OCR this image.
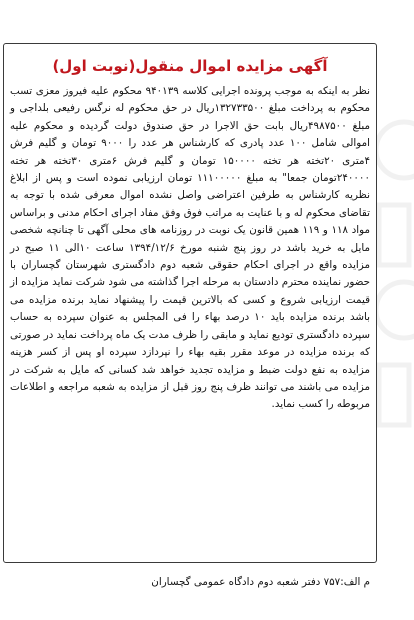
آگهی مزایده اموال منقول(نوبت اول)

نظر به اینکه به موجب پرونده اجرایی کلاسه ۹۴۰۱۳۹ محکوم علیه فیروز معزی تسب محکوم به پرداخت مبلغ ۱۳۲۷۳۳۵۰۰ریال در حق محکوم له نرگس رفیعی بلداجی و مبلغ ۴۹۸۷۵۰۰ریال بابت حق الاجرا در حق صندوق دولت گردیده و محکوم علیه اموالی شامل ۱۰۰ عدد پادری که کارشناس هر عدد را ۹۰۰۰ تومان و گلیم فرش ۴متری ۲۰تخته هر تخته ۱۵۰۰۰۰ تومان و گلیم فرش ۶متری ۳۰تخته هر تخته ۲۴۰۰۰۰تومان جمعا" به مبلغ ۱۱۱۰۰۰۰۰ تومان ارزیابی نموده است و پس از ابلاغ نظریه کارشناس به طرفین اعتراضی واصل نشده اموال معرفی شده با توجه به تقاضای محکوم له و با عنایت به مراتب فوق وفق مفاد اجرای احکام مدنی و براساس مواد ۱۱۸ و ۱۱۹ همین قانون یک نوبت در روزنامه های محلی آگهی تا چنانچه شخصی مایل به خرید باشد در روز پنج شنبه مورخ ۱۳۹۴/۱۲/۶ ساعت ۱۰الی ۱۱ صبح در مزایده واقع در اجرای احکام حقوقی شعبه دوم دادگستری شهرستان گچساران با حضور نماینده محترم دادستان به مرحله اجرا گذاشته می شود شرکت نماید مزایده از قیمت ارزیابی شروع و کسی که بالاترین قیمت را پیشنهاد نماید برنده مزایده می باشد برنده مزایده باید ۱۰ درصد بهاء را فی المجلس به عنوان سپرده به حساب سپرده دادگستری تودیع نماید و مابقی را ظرف مدت یک ماه پرداخت نماید در صورتی که برنده مزایده در موعد مقرر بقیه بهاء را نپردازد سپرده او پس از کسر هزینه مزایده به نفع دولت ضبط و مزایده تجدید خواهد شد کسانی که مایل به شرکت در مزایده می باشند می توانند ظرف پنج روز قبل از مزایده به شعبه مراجعه و اطلاعات مربوطه را کسب نماید.

م الف:۷۵۷ دفتر شعبه دوم دادگاه عمومی گچساران
